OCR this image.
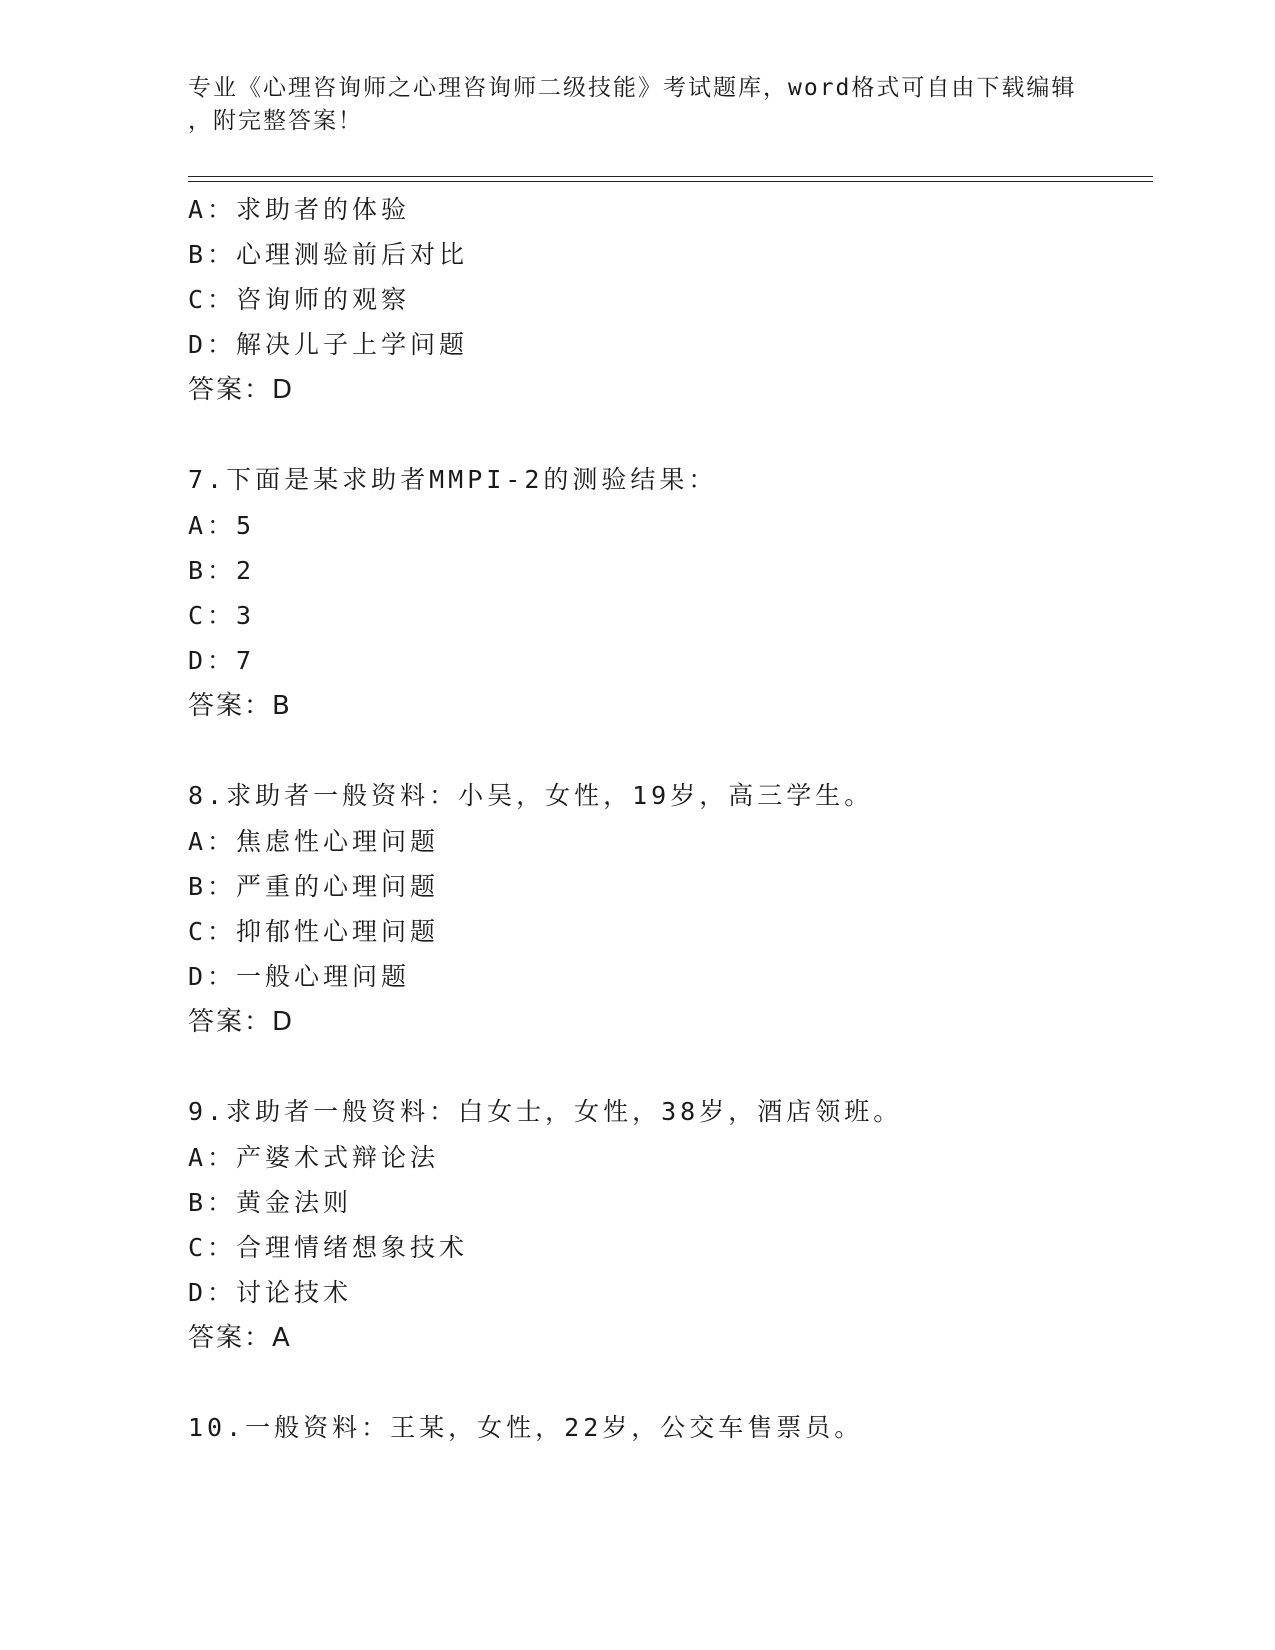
专业《心理咨询师之心理咨询师二级技能》考试题库，word格式可自由下载编辑
，附完整答案！
A：求助者的体验
B：心理测验前后对比
C：咨询师的观察
D：解决儿子上学问题
答案：D
7.下面是某求助者MMPI-2的测验结果：
A：5
B：2
C：3
D：7
答案：B
8.求助者一般资料：小吴，女性，19岁，高三学生。
A：焦虑性心理问题
B：严重的心理问题
C：抑郁性心理问题
D：一般心理问题
答案：D
9.求助者一般资料：白女士，女性，38岁，酒店领班。
A：产婆术式辩论法
B：黄金法则
C：合理情绪想象技术
D：讨论技术
答案：A
10.一般资料：王某，女性，22岁，公交车售票员。
